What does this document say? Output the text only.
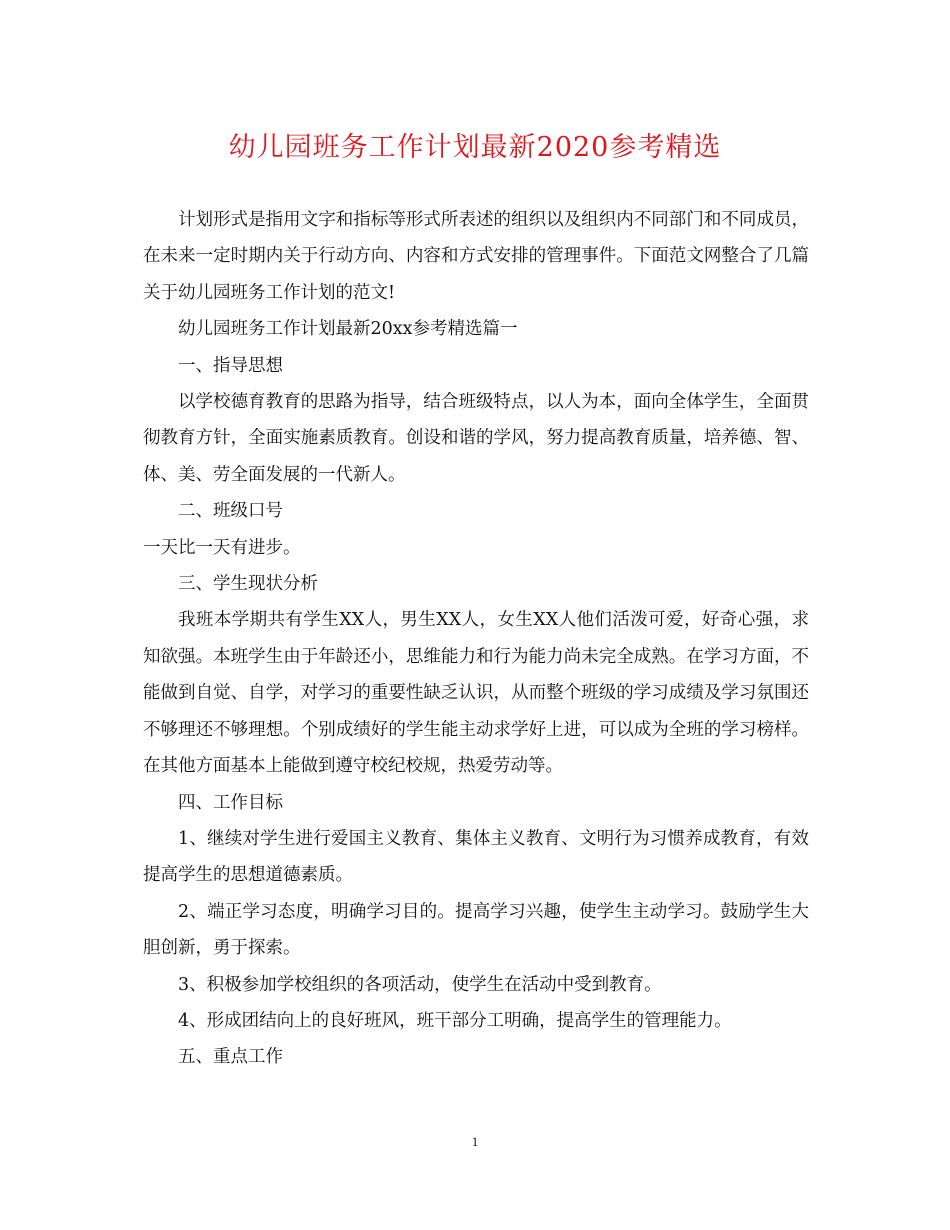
幼儿园班务工作计划最新2020参考精选

计划形式是指用文字和指标等形式所表述的组织以及组织内不同部门和不同成员，在未来一定时期内关于行动方向、内容和方式安排的管理事件。下面范文网整合了几篇关于幼儿园班务工作计划的范文!

幼儿园班务工作计划最新20xx参考精选篇一

一、指导思想

以学校德育教育的思路为指导，结合班级特点，以人为本，面向全体学生，全面贯彻教育方针，全面实施素质教育。创设和谐的学风，努力提高教育质量，培养德、智、体、美、劳全面发展的一代新人。

二、班级口号

一天比一天有进步。

三、学生现状分析

我班本学期共有学生XX人，男生XX人，女生XX人他们活泼可爱，好奇心强，求知欲强。本班学生由于年龄还小，思维能力和行为能力尚未完全成熟。在学习方面，不能做到自觉、自学，对学习的重要性缺乏认识，从而整个班级的学习成绩及学习氛围还不够理还不够理想。个别成绩好的学生能主动求学好上进，可以成为全班的学习榜样。在其他方面基本上能做到遵守校纪校规，热爱劳动等。

四、工作目标

1、继续对学生进行爱国主义教育、集体主义教育、文明行为习惯养成教育，有效提高学生的思想道德素质。

2、端正学习态度，明确学习目的。提高学习兴趣，使学生主动学习。鼓励学生大胆创新，勇于探索。

3、积极参加学校组织的各项活动，使学生在活动中受到教育。

4、形成团结向上的良好班风，班干部分工明确，提高学生的管理能力。

五、重点工作

1
